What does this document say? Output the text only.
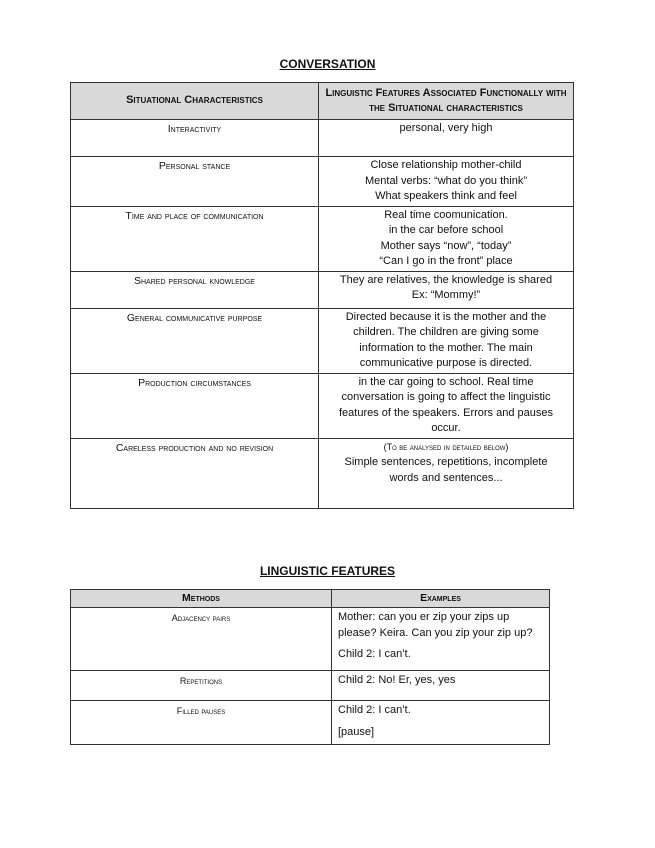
CONVERSATION
Situational Characteristics	Linguistic Features Associated Functionally with the Situational characteristics
Interactivity	personal, very high

Personal stance	Close relationship mother-child
Mental verbs: “what do you think”
What speakers think and feel

Time and place of communication	Real time coomunication.
in the car before school
Mother says “now”, “today”
“Can I go in the front” place

Shared personal knowledge	They are relatives, the knowledge is shared
Ex: “Mommy!”

General communicative purpose	Directed because it is the mother and the
children. The children are giving some
information to the mother. The main
communicative purpose is directed.

Production circumstances	in the car going to school. Real time
conversation is going to affect the linguistic
features of the speakers. Errors and pauses
occur.

Careless production and no revision	(To be analysed in detailed below)
Simple sentences, repetitions, incomplete
words and sentences...
LINGUISTIC FEATURES
Methods	Examples
Adjacency pairs	Mother: can you er zip your zips up
please? Keira. Can you zip your zip up?
Child 2: I can’t.

Repetitions	Child 2: No! Er, yes, yes

Filled pauses	Child 2: I can’t.
[pause]
